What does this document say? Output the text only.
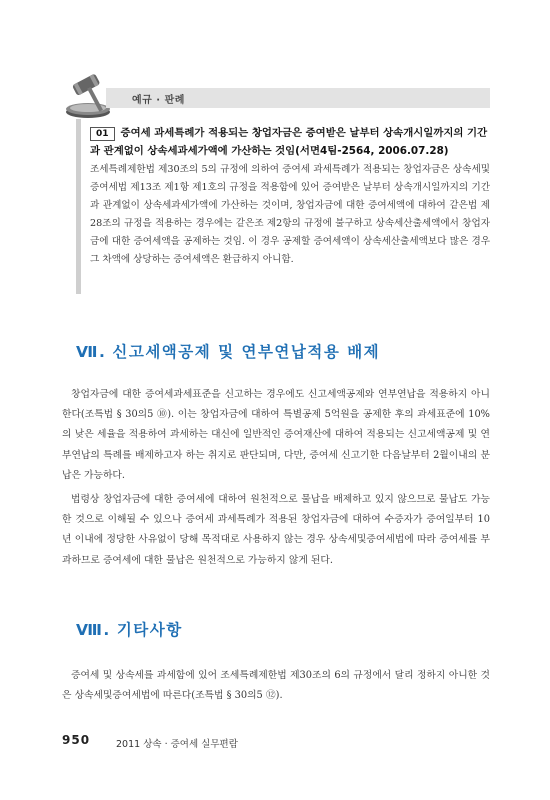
예규 · 판례
01 증여세 과세특례가 적용되는 창업자금은 증여받은 날부터 상속개시일까지의 기간과 관계없이 상속세과세가액에 가산하는 것임(서면4팀-2564, 2006.07.28)
조세특례제한법 제30조의 5의 규정에 의하여 증여세 과세특례가 적용되는 창업자금은 상속세및증여세법 제13조 제1항 제1호의 규정을 적용함에 있어 증여받은 날부터 상속개시일까지의 기간과 관계없이 상속세과세가액에 가산하는 것이며, 창업자금에 대한 증여세액에 대하여 같은법 제28조의 규정을 적용하는 경우에는 같은조 제2항의 규정에 불구하고 상속세산출세액에서 창업자금에 대한 증여세액을 공제하는 것임. 이 경우 공제할 증여세액이 상속세산출세액보다 많은 경우 그 차액에 상당하는 증여세액은 환급하지 아니함.
Ⅶ. 신고세액공제 및 연부연납적용 배제
창업자금에 대한 증여세과세표준을 신고하는 경우에도 신고세액공제와 연부연납을 적용하지 아니한다(조특법 § 30의5 ⑩). 이는 창업자금에 대하여 특별공제 5억원을 공제한 후의 과세표준에 10%의 낮은 세율을 적용하여 과세하는 대신에 일반적인 증여재산에 대하여 적용되는 신고세액공제 및 연부연납의 특례를 배제하고자 하는 취지로 판단되며, 다만, 증여세 신고기한 다음날부터 2월이내의 분납은 가능하다.
법령상 창업자금에 대한 증여세에 대하여 원천적으로 물납을 배제하고 있지 않으므로 물납도 가능한 것으로 이해될 수 있으나 증여세 과세특례가 적용된 창업자금에 대하여 수증자가 증여일부터 10년 이내에 정당한 사유없이 당해 목적대로 사용하지 않는 경우 상속세및증여세법에 따라 증여세를 부과하므로 증여세에 대한 물납은 원천적으로 가능하지 않게 된다.
Ⅷ. 기타사항
증여세 및 상속세를 과세함에 있어 조세특례제한법 제30조의 6의 규정에서 달리 정하지 아니한 것은 상속세및증여세법에 따른다(조특법 § 30의5 ⑫).
950	2011 상속 · 증여세 실무편람
